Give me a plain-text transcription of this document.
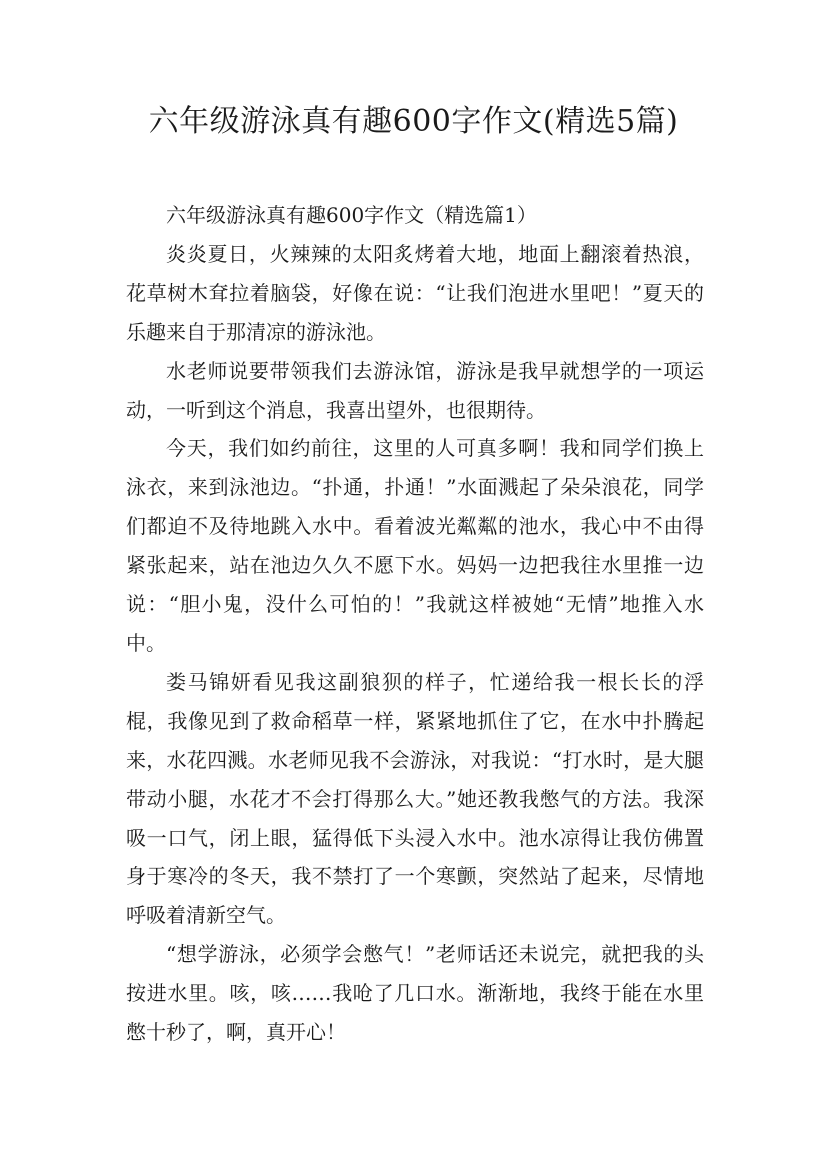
六年级游泳真有趣600字作文(精选5篇)

六年级游泳真有趣600字作文（精选篇1）

炎炎夏日，火辣辣的太阳炙烤着大地，地面上翻滚着热浪，花草树木耷拉着脑袋，好像在说：“让我们泡进水里吧！”夏天的乐趣来自于那清凉的游泳池。

水老师说要带领我们去游泳馆，游泳是我早就想学的一项运动，一听到这个消息，我喜出望外，也很期待。

今天，我们如约前往，这里的人可真多啊！我和同学们换上泳衣，来到泳池边。“扑通，扑通！”水面溅起了朵朵浪花，同学们都迫不及待地跳入水中。看着波光粼粼的池水，我心中不由得紧张起来，站在池边久久不愿下水。妈妈一边把我往水里推一边说：“胆小鬼，没什么可怕的！”我就这样被她“无情”地推入水中。

娄马锦妍看见我这副狼狈的样子，忙递给我一根长长的浮棍，我像见到了救命稻草一样，紧紧地抓住了它，在水中扑腾起来，水花四溅。水老师见我不会游泳，对我说：“打水时，是大腿带动小腿，水花才不会打得那么大。”她还教我憋气的方法。我深吸一口气，闭上眼，猛得低下头浸入水中。池水凉得让我仿佛置身于寒冷的冬天，我不禁打了一个寒颤，突然站了起来，尽情地呼吸着清新空气。

“想学游泳，必须学会憋气！”老师话还未说完，就把我的头按进水里。咳，咳……我呛了几口水。渐渐地，我终于能在水里憋十秒了，啊，真开心！
